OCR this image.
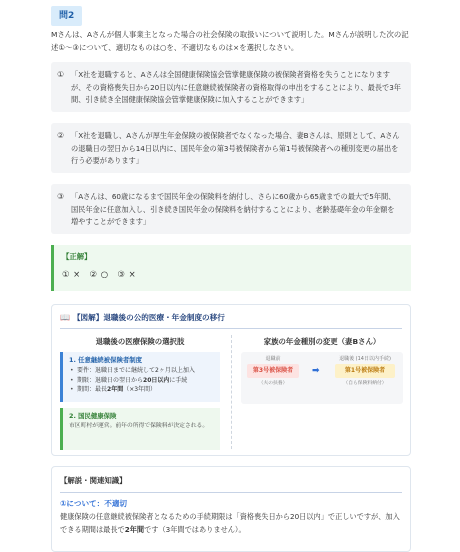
問2
Mさんは、Aさんが個人事業主となった場合の社会保険の取扱いについて説明した。Mさんが説明した次の記述①～③について、適切なものは○を、不適切なものは×を選択しなさい。
① 「X社を退職すると、Aさんは全国健康保険協会管掌健康保険の被保険者資格を失うことになりますが、その資格喪失日から20日以内に任意継続被保険者の資格取得の申出をすることにより、最長で3年間、引き続き全国健康保険協会管掌健康保険に加入することができます」
② 「X社を退職し、Aさんが厚生年金保険の被保険者でなくなった場合、妻Bさんは、原則として、Aさんの退職日の翌日から14日以内に、国民年金の第3号被保険者から第1号被保険者への種別変更の届出を行う必要があります」
③ 「Aさんは、60歳になるまで国民年金の保険料を納付し、さらに60歳から65歳までの最大で5年間、国民年金に任意加入し、引き続き国民年金の保険料を納付することにより、老齢基礎年金の年金額を増やすことができます」
【正解】
① ×　② ○　③ ×
📖 【図解】退職後の公的医療・年金制度の移行
退職後の医療保険の選択肢	家族の年金種別の変更（妻Bさん）
1. 任意継続被保険者制度
• 要件：退職日までに継続して2ヶ月以上加入
• 期限：退職日の翌日から20日以内に手続
• 期間：最長2年間（×3年間）
2. 国民健康保険
市区町村が運営。前年の所得で保険料が決定される。
退職前	退職後 (14日以内手続)
第3号被保険者	➡	第1号被保険者
（夫の扶養）	（自ら保険料納付）
【解説・関連知識】
①について：不適切
健康保険の任意継続被保険者となるための手続期限は「資格喪失日から20日以内」で正しいですが、加入できる期間は最長で2年間です（3年間ではありません）。
